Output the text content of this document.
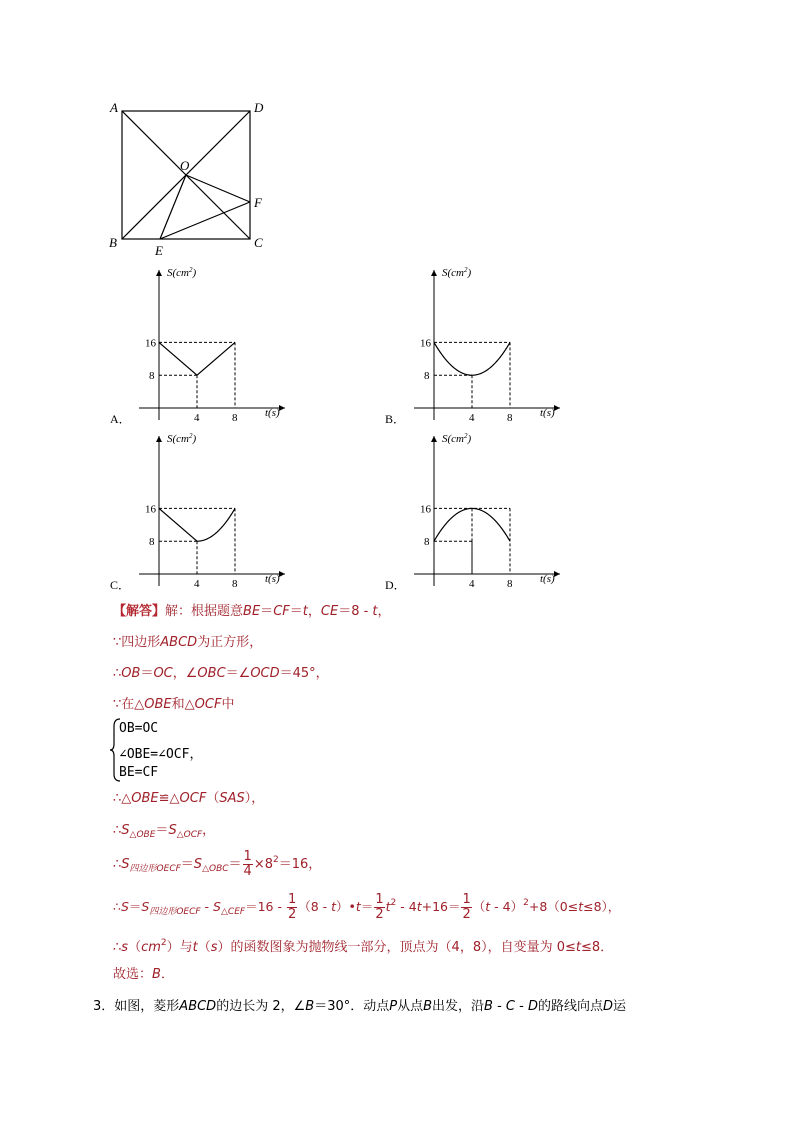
A	D
O
F
B
E
C
$S(cm^2)$
t(s)
16
8
4	8
$S(cm^2)$
t(s)
16
8
4	8
$S(cm^2)$
t(s)
16
8
4	8
$S(cm^2)$
t(s)
16
8
4	8
A．	B．
C．	D．
【解答】解：根据题意BE＝CF＝t，CE＝8 - t，
∵四边形ABCD为正方形，
∴OB＝OC，∠OBC＝∠OCD＝45°，
∵在△OBE和△OCF中
OB=OC
∠OBE=∠OCF，
BE=CF
∴△OBE≌△OCF（SAS），
$\therefore S_{\triangle OBE}=S_{\triangle OCF}$，
$\therefore S_{四边形OECF}=S_{\triangle OBC}= \frac{1}{4} \times 8^2=16$，
$\therefore S=S_{四边形OECF} - S_{\triangle CEF}=16 - \frac{1}{2} (8$ - t）•t＝ $\frac{1}{2} t^2 - 4t+16= \frac{1}{2} (t - 4)^2+8(0\le t\le 8)$，
$\therefore s(cm^2)$与t（s）的函数图象为抛物线一部分，顶点为（4，8），自变量为 0≤t≤8．
故选：B．
3．如图，菱形ABCD的边长为 2，∠B＝30°．动点P从点B出发，沿B - C - D的路线向点D运
